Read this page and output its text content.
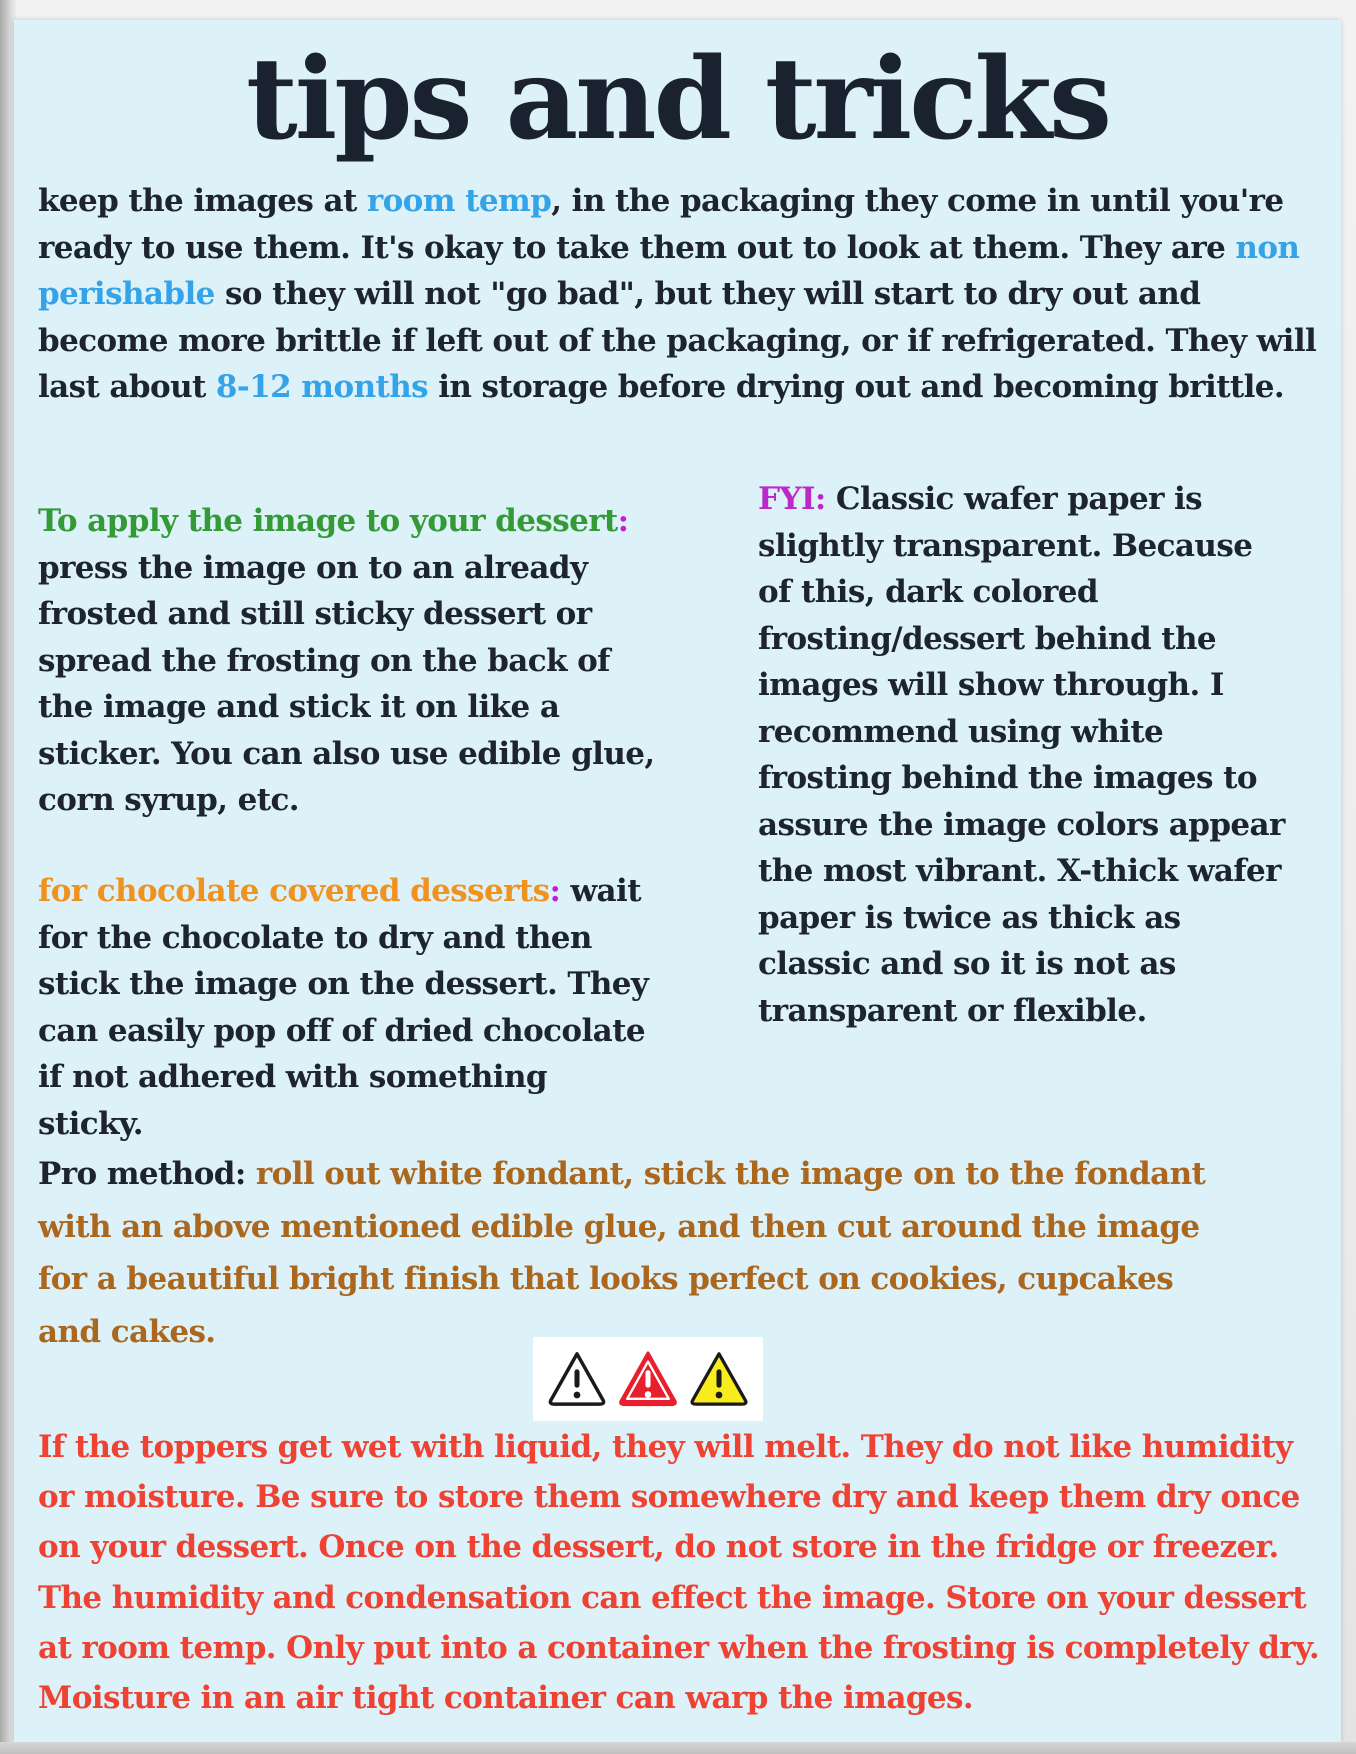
tips and tricks

keep the images at room temp, in the packaging they come in until you're ready to use them. It's okay to take them out to look at them. They are non perishable so they will not "go bad", but they will start to dry out and become more brittle if left out of the packaging, or if refrigerated. They will last about 8-12 months in storage before drying out and becoming brittle.

To apply the image to your dessert: press the image on to an already frosted and still sticky dessert or spread the frosting on the back of the image and stick it on like a sticker. You can also use edible glue, corn syrup, etc.

for chocolate covered desserts: wait for the chocolate to dry and then stick the image on the dessert. They can easily pop off of dried chocolate if not adhered with something sticky.

FYI: Classic wafer paper is slightly transparent. Because of this, dark colored frosting/dessert behind the images will show through. I recommend using white frosting behind the images to assure the image colors appear the most vibrant. X-thick wafer paper is twice as thick as classic and so it is not as transparent or flexible.

Pro method: roll out white fondant, stick the image on to the fondant with an above mentioned edible glue, and then cut around the image for a beautiful bright finish that looks perfect on cookies, cupcakes and cakes.

If the toppers get wet with liquid, they will melt. They do not like humidity or moisture. Be sure to store them somewhere dry and keep them dry once on your dessert. Once on the dessert, do not store in the fridge or freezer. The humidity and condensation can effect the image. Store on your dessert at room temp. Only put into a container when the frosting is completely dry. Moisture in an air tight container can warp the images.
